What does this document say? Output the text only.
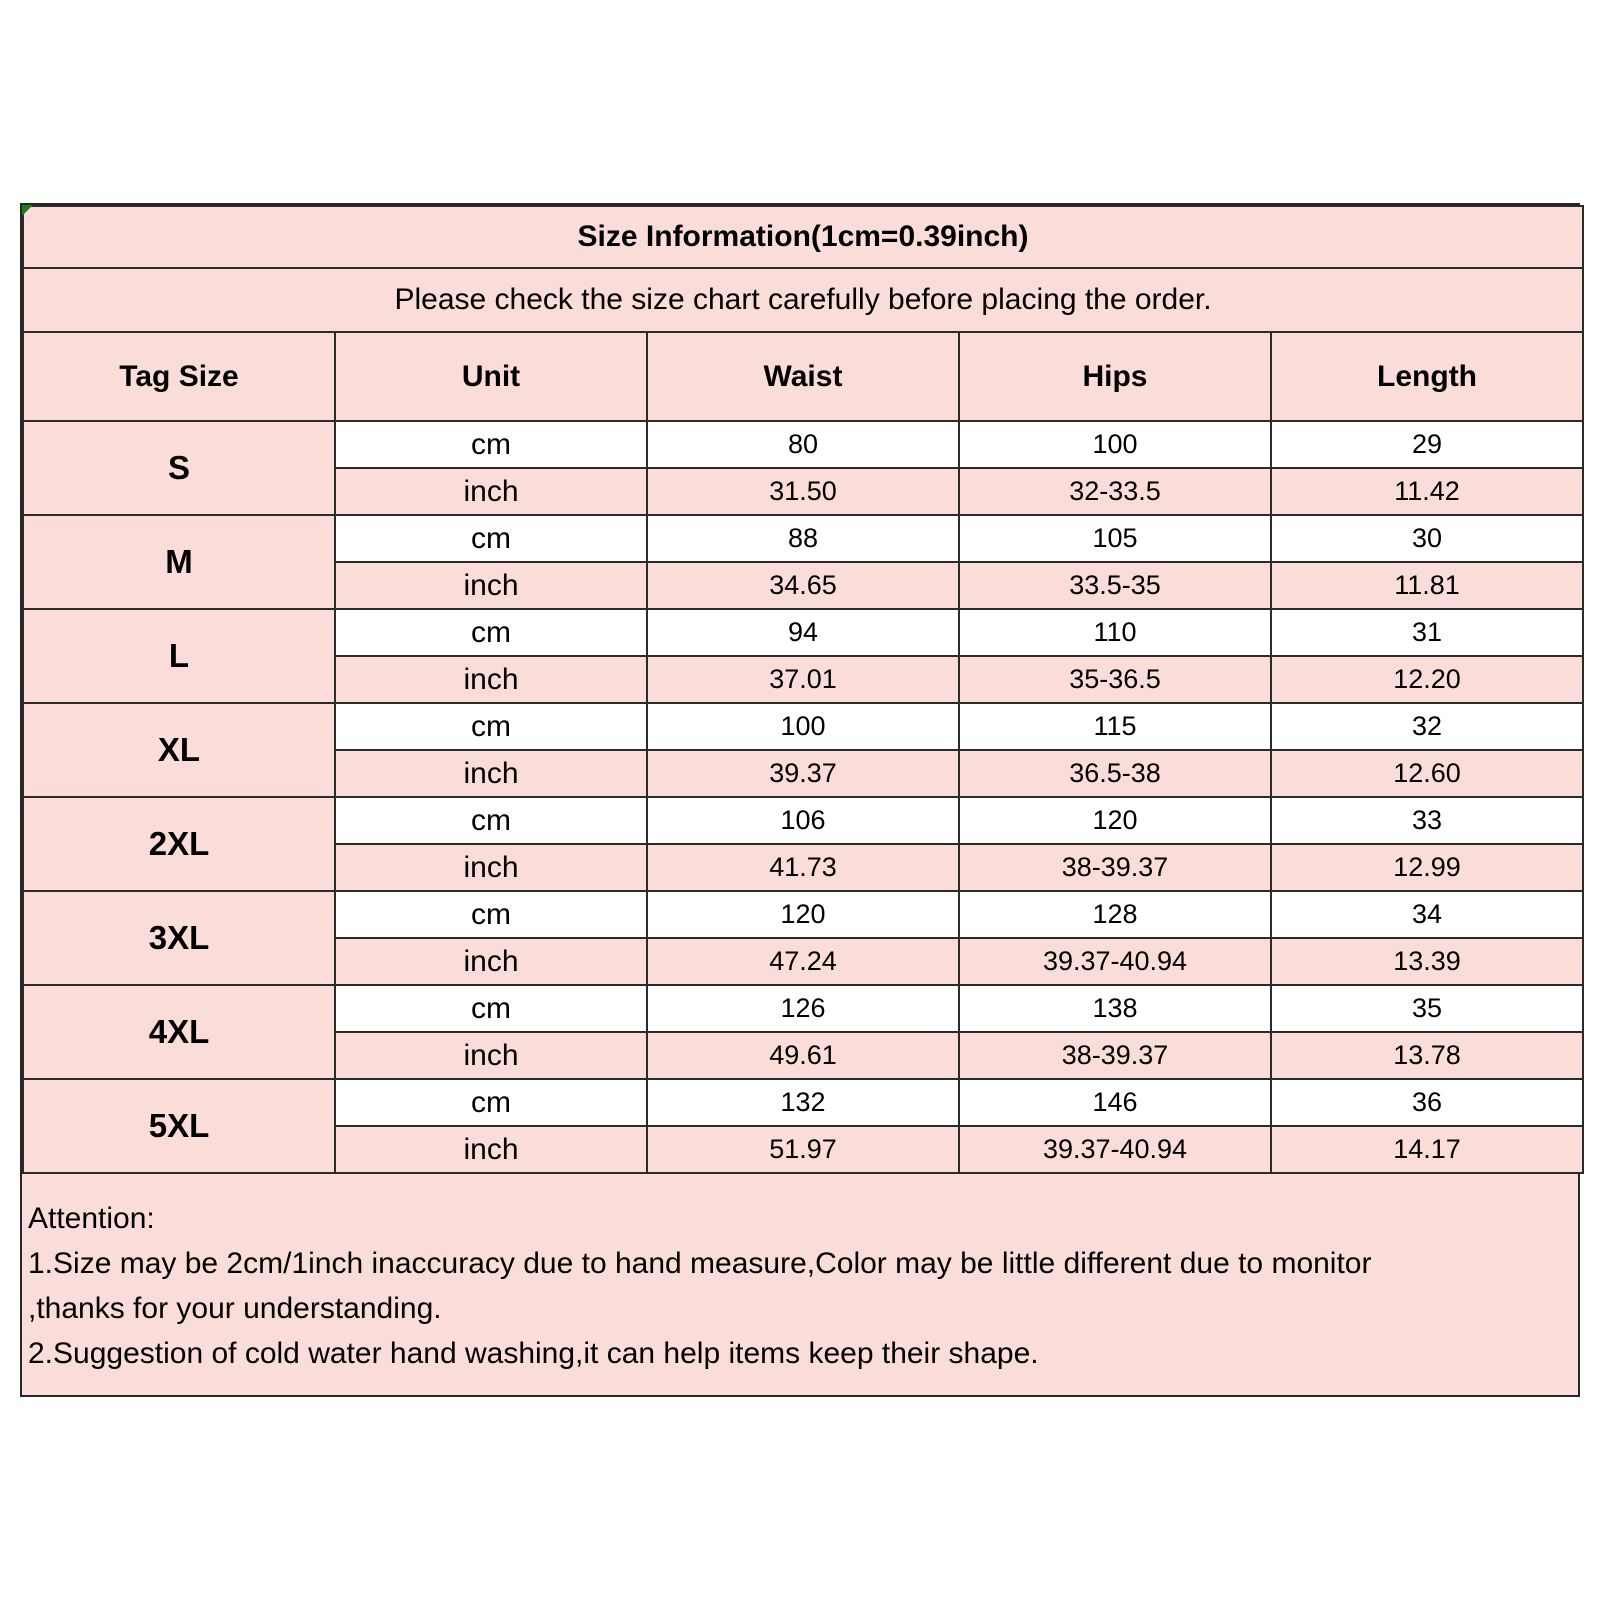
Size Information(1cm=0.39inch)				
Please check the size chart carefully before placing the order.				
Tag Size	Unit	Waist	Hips	Length
S	cm	80	100	29
	inch	31.50	32-33.5	11.42
M	cm	88	105	30
	inch	34.65	33.5-35	11.81
L	cm	94	110	31
	inch	37.01	35-36.5	12.20
XL	cm	100	115	32
	inch	39.37	36.5-38	12.60
2XL	cm	106	120	33
	inch	41.73	38-39.37	12.99
3XL	cm	120	128	34
	inch	47.24	39.37-40.94	13.39
4XL	cm	126	138	35
	inch	49.61	38-39.37	13.78
5XL	cm	132	146	36
	inch	51.97	39.37-40.94	14.17
Attention:
1.Size may be 2cm/1inch inaccuracy due to hand measure,Color may be little different due to monitor
,thanks for your understanding.
2.Suggestion of cold water hand washing,it can help items keep their shape.
